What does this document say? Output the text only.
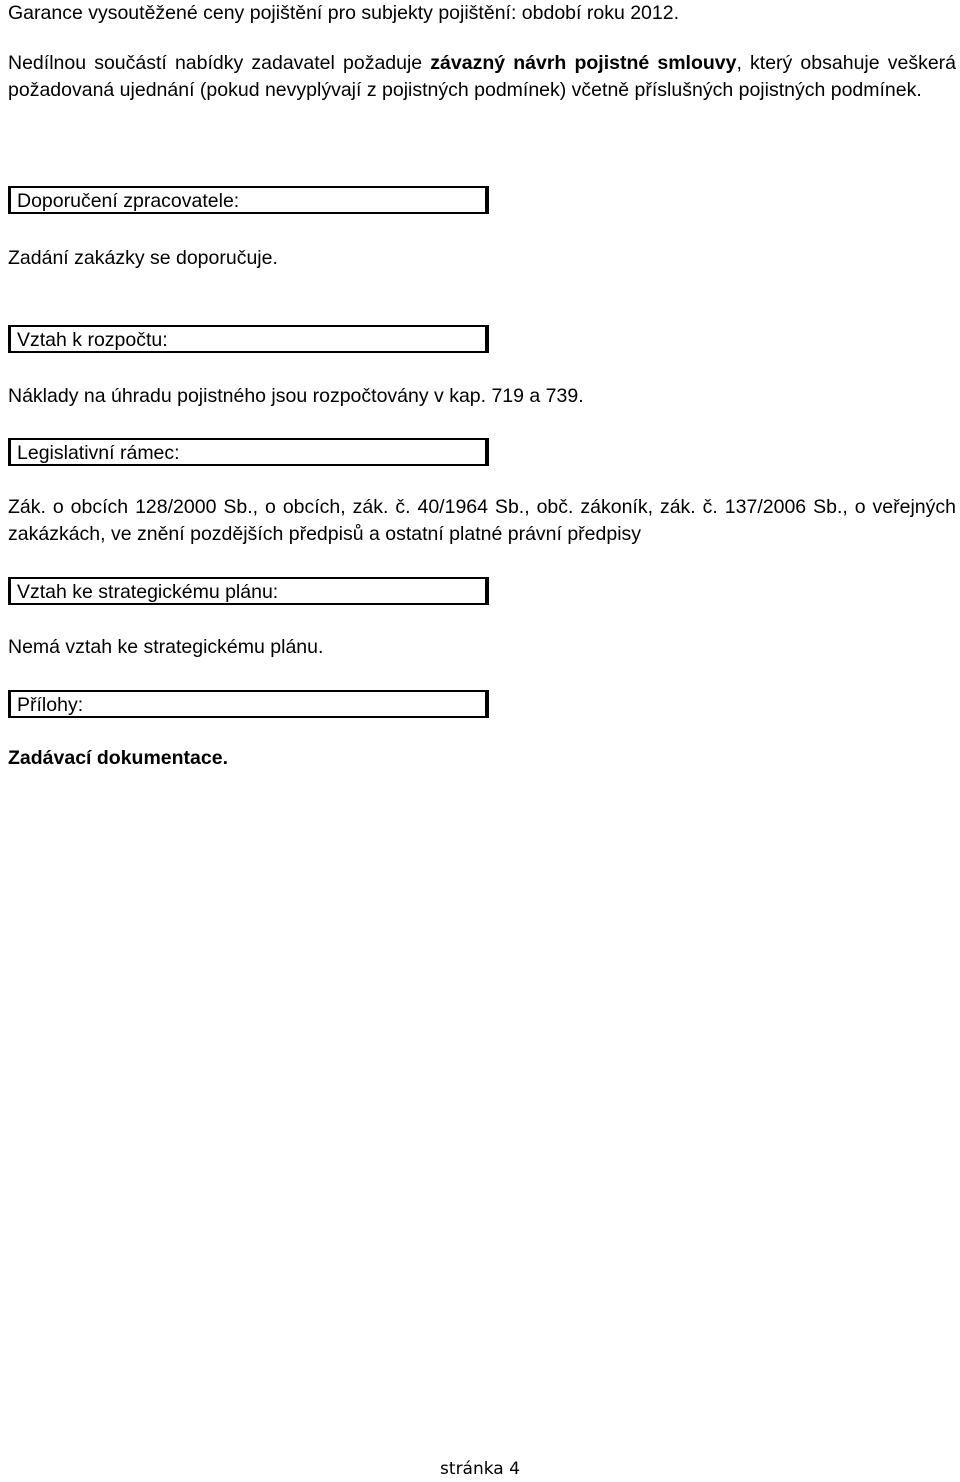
Garance vysoutěžené ceny pojištění pro subjekty pojištění: období roku 2012.
Nedílnou součástí nabídky zadavatel požaduje závazný návrh pojistné smlouvy, který obsahuje veškerá požadovaná ujednání (pokud nevyplývají z pojistných podmínek) včetně příslušných pojistných podmínek.
Doporučení zpracovatele:
Zadání zakázky se doporučuje.
Vztah k rozpočtu:
Náklady na úhradu pojistného jsou rozpočtovány v kap. 719 a 739.
Legislativní rámec:
Zák. o obcích 128/2000 Sb., o obcích, zák. č. 40/1964 Sb., obč. zákoník, zák. č. 137/2006 Sb., o veřejných zakázkách, ve znění pozdějších předpisů a ostatní platné právní předpisy
Vztah ke strategickému plánu:
Nemá vztah ke strategickému plánu.
Přílohy:
Zadávací dokumentace.
stránka 4
